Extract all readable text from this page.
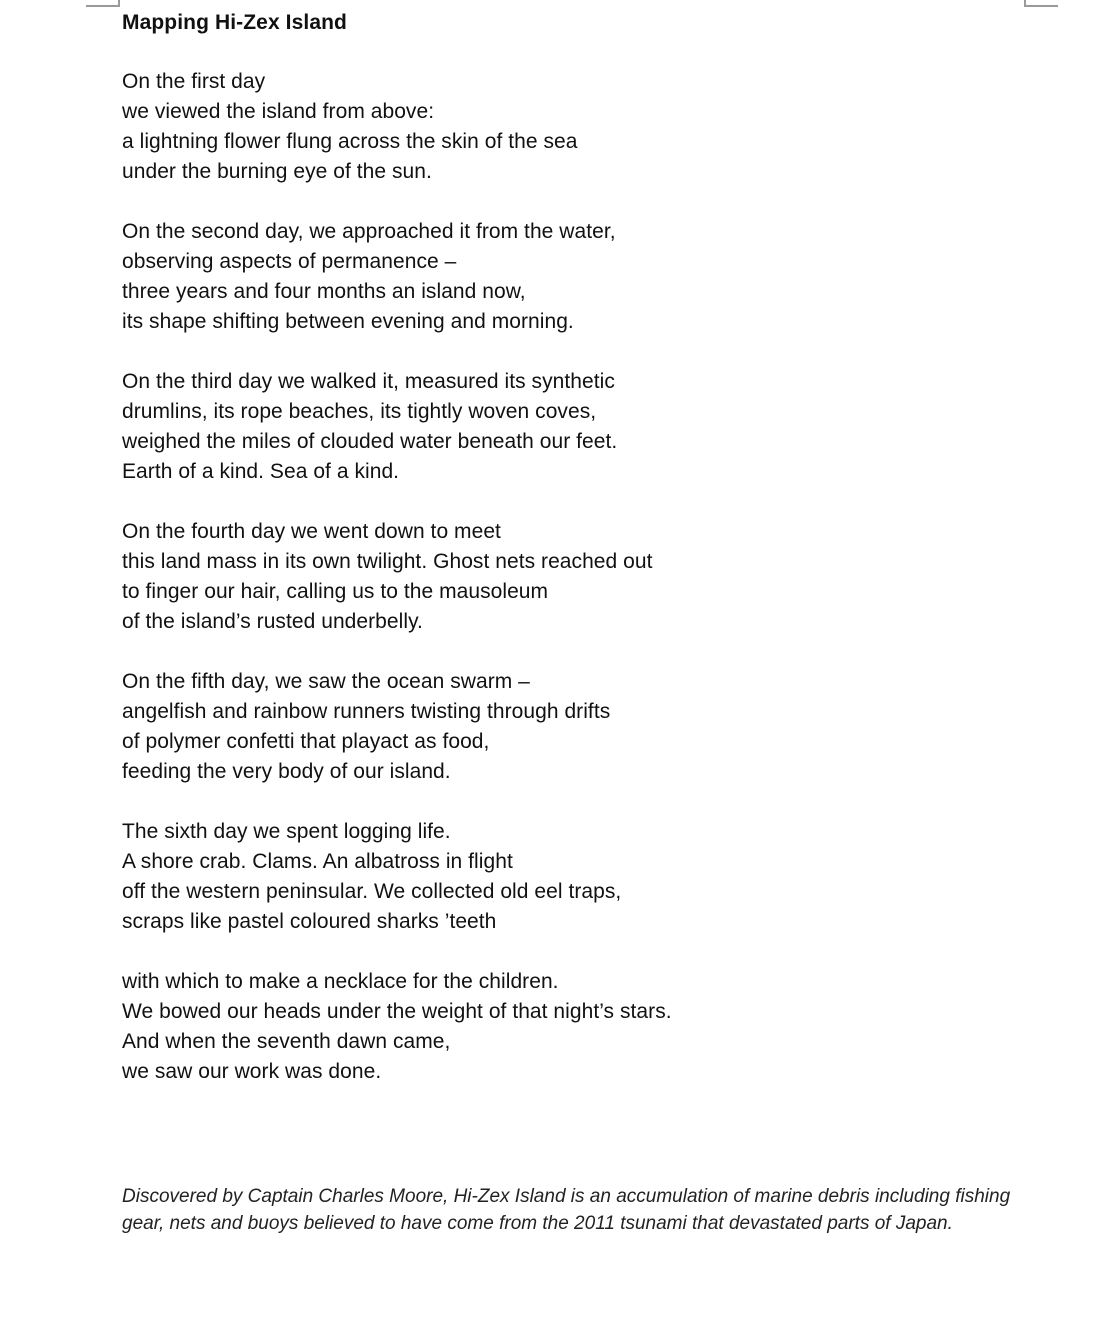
Mapping Hi-Zex Island
On the first day
we viewed the island from above:
a lightning flower flung across the skin of the sea
under the burning eye of the sun.
On the second day, we approached it from the water,
observing aspects of permanence –
three years and four months an island now,
its shape shifting between evening and morning.
On the third day we walked it, measured its synthetic
drumlins, its rope beaches, its tightly woven coves,
weighed the miles of clouded water beneath our feet.
Earth of a kind. Sea of a kind.
On the fourth day we went down to meet
this land mass in its own twilight. Ghost nets reached out
to finger our hair, calling us to the mausoleum
of the island’s rusted underbelly.
On the fifth day, we saw the ocean swarm –
angelfish and rainbow runners twisting through drifts
of polymer confetti that playact as food,
feeding the very body of our island.
The sixth day we spent logging life.
A shore crab. Clams. An albatross in flight
off the western peninsular. We collected old eel traps,
scraps like pastel coloured sharks ’teeth
with which to make a necklace for the children.
We bowed our heads under the weight of that night’s stars.
And when the seventh dawn came,
we saw our work was done.

Discovered by Captain Charles Moore, Hi-Zex Island is an accumulation of marine debris including fishing gear, nets and buoys believed to have come from the 2011 tsunami that devastated parts of Japan.
